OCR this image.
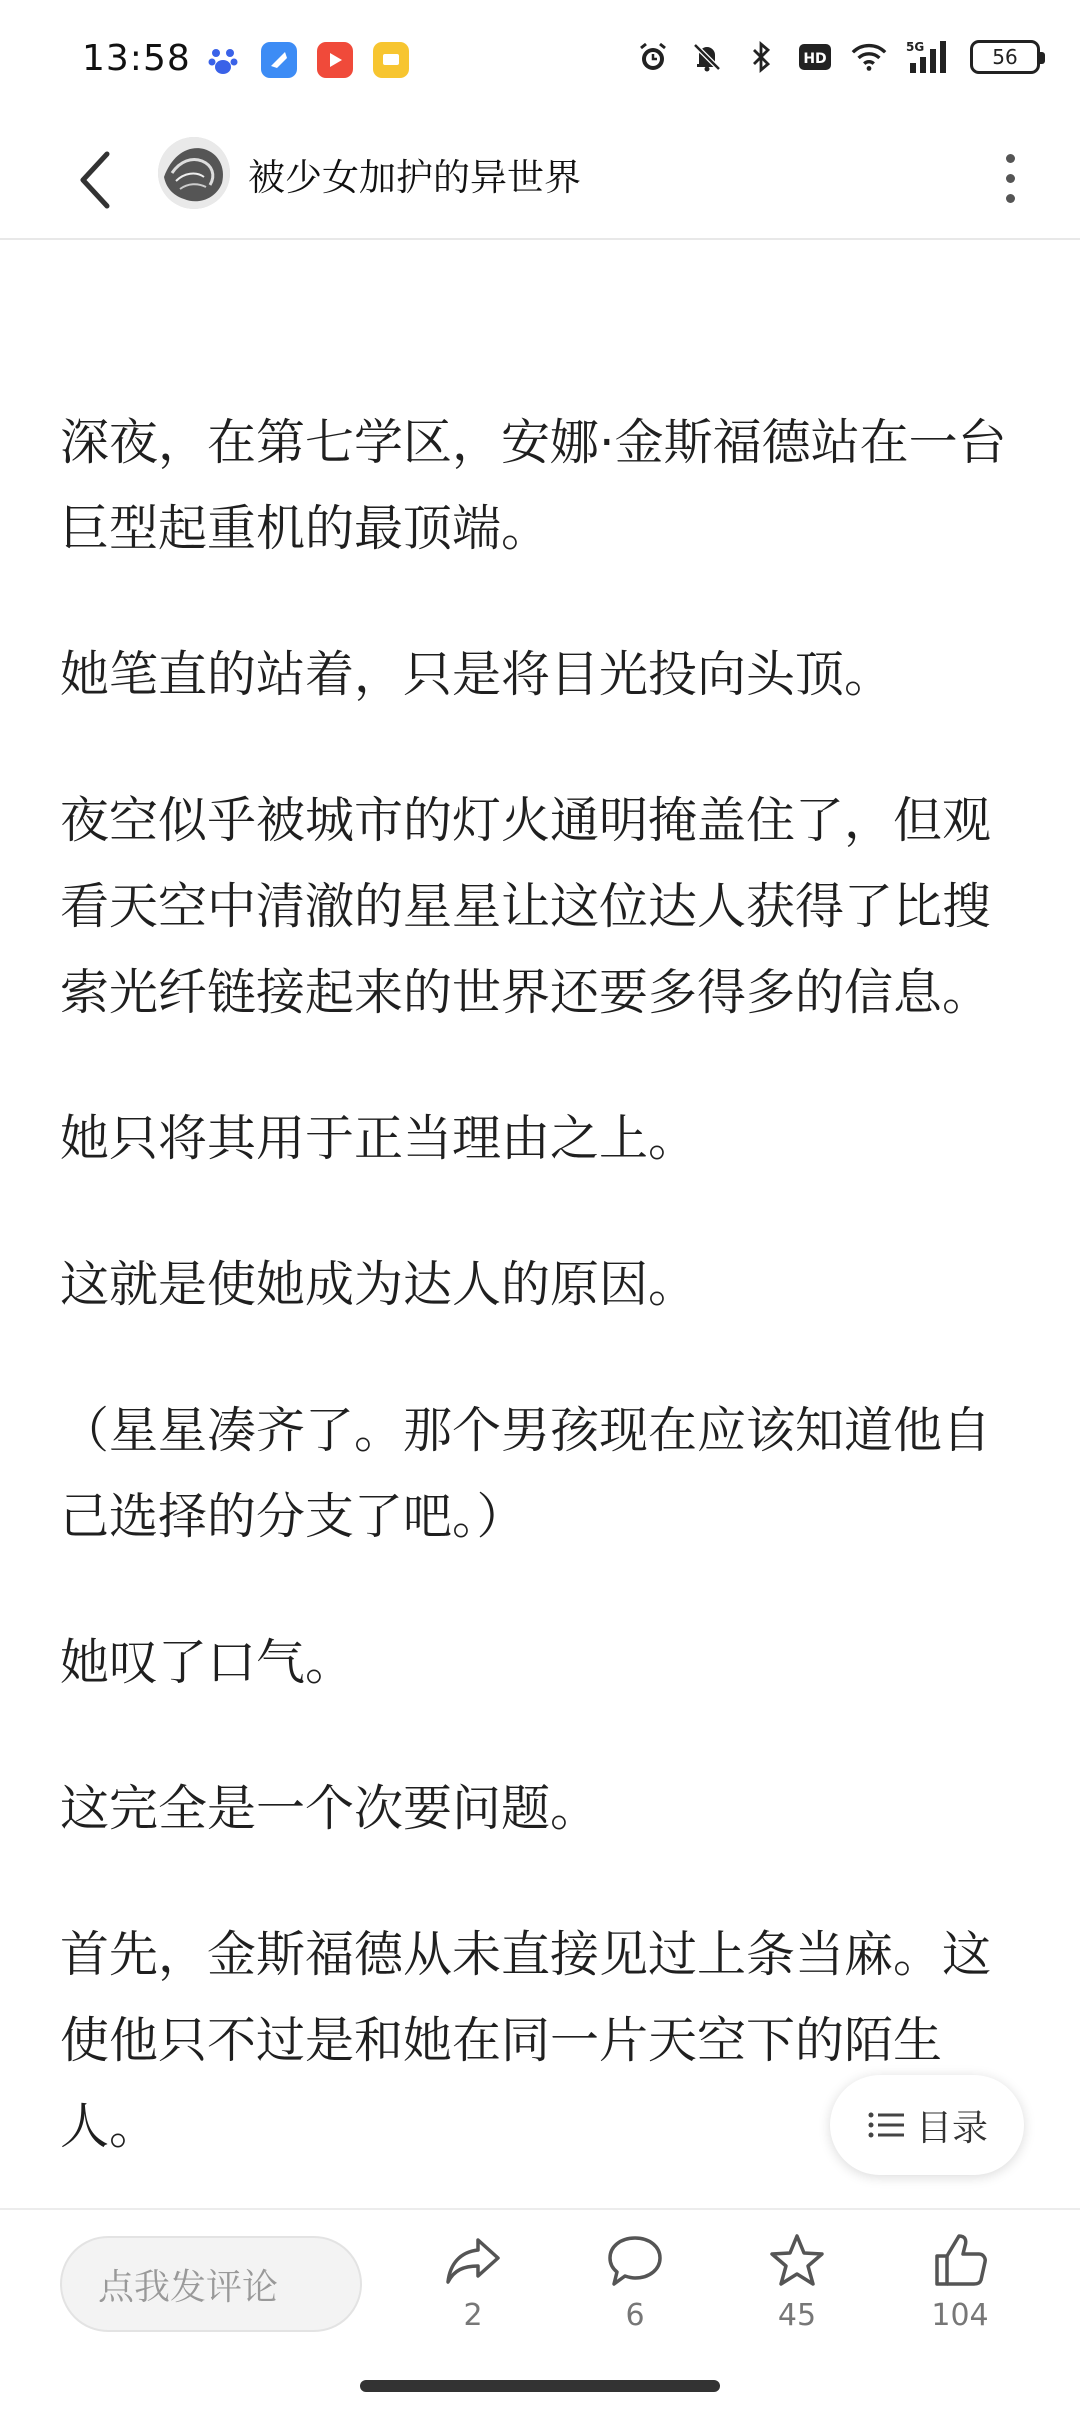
13:58	HD
5G	56
被少女加护的异世界

深夜，在第七学区，安娜·金斯福德站在一台巨型起重机的最顶端。

她笔直的站着，只是将目光投向头顶。

夜空似乎被城市的灯火通明掩盖住了，但观看天空中清澈的星星让这位达人获得了比搜索光纤链接起来的世界还要多得多的信息。

她只将其用于正当理由之上。

这就是使她成为达人的原因。

（星星凑齐了。那个男孩现在应该知道他自己选择的分支了吧。）

她叹了口气。

这完全是一个次要问题。

首先，金斯福德从未直接见过上条当麻。这使他只不过是和她在同一片天空下的陌生人。	目录
点我发评论
2	6	45	104
